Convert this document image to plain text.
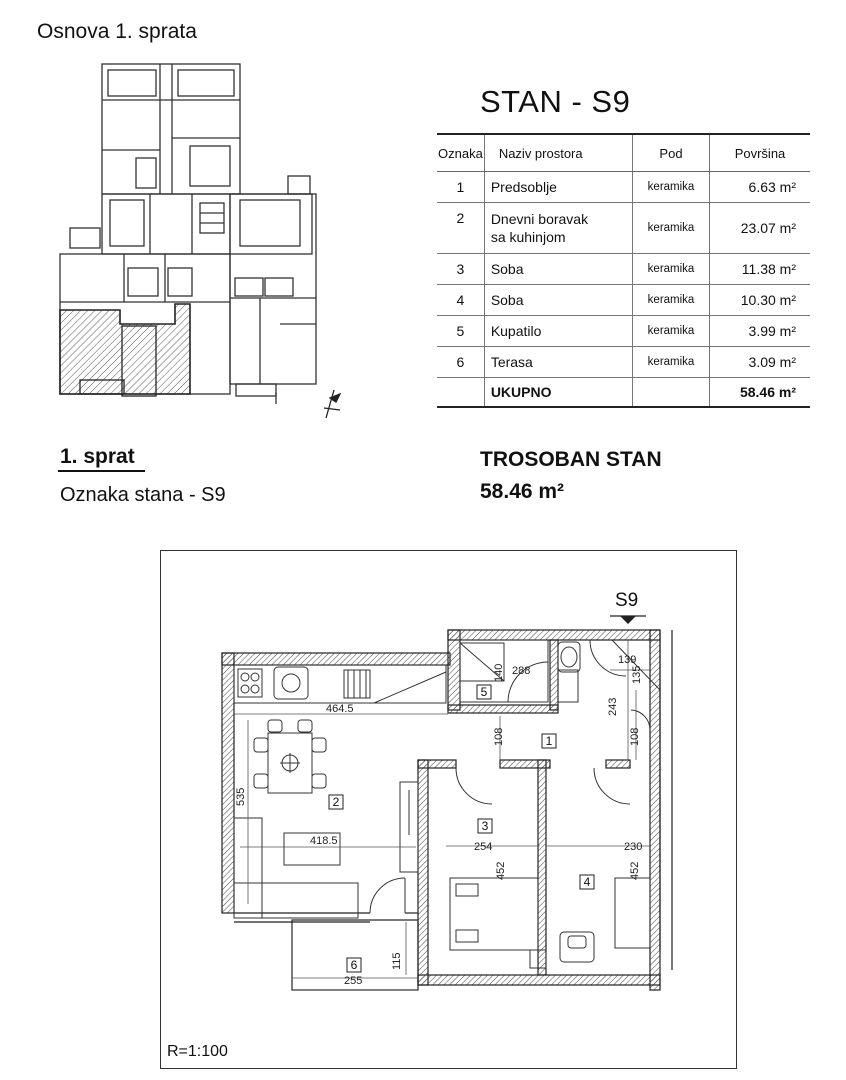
Osnova 1. sprata
STAN - S9
Oznaka	Naziv prostora	Pod	Površina
1	Predsoblje	keramika	6.63 m²
2	Dnevni boravak
sa kuhinjom	keramika	23.07 m²
3	Soba	keramika	11.38 m²
4	Soba	keramika	10.30 m²
5	Kupatilo	keramika	3.99 m²
6	Terasa	keramika	3.09 m²
	UKUPNO		58.46 m²
1. sprat
Oznaka stana - S9
TROSOBAN STAN
58.46 m²
S9
1
2
3
4
5
6
464.5
535
418.5
108	108
140 288
139
135
243
254	230
452	452
115
255
R=1:100
